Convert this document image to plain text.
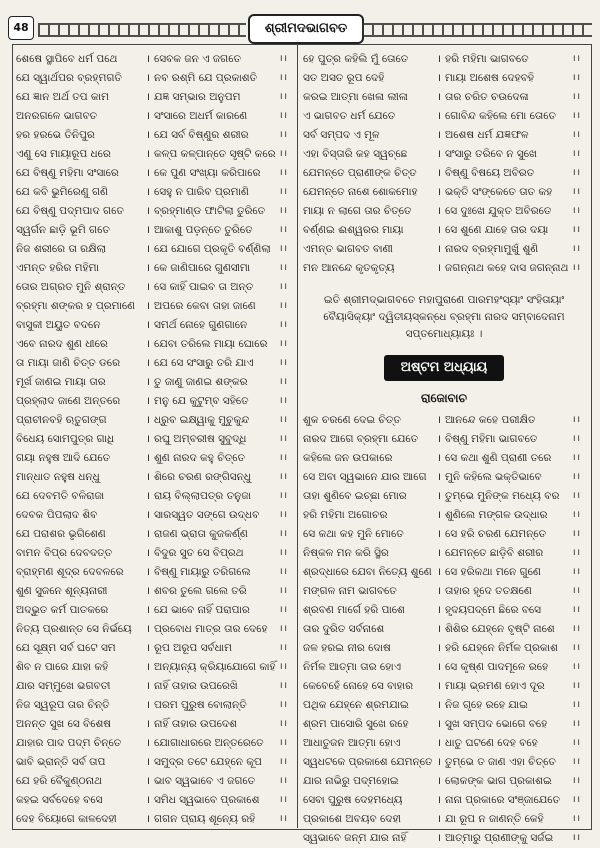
48	ଶ୍ରୀମଦଭାଗବତ
ଶେଷେ ସ୍ଥାପିବେ ଧର୍ମ ପଥେ	। ସେବକ ଜନ ଏ ଜଗତେ	।।
ଯେ ସ୍ୱାର୍ଥପର ବ୍ରହ୍ମଗତି । ନବ ରଶ୍ମି ଯେ ପ୍ରକାଶତି ।।
ଯେ ଜ୍ଞାନ ଅର୍ଥ ତପ କାମ	। ଯଜ୍ଞ ସମ୍ଭାର ଅନୁପମ	।।
ଅନରଗଳେ ଭାଗବତ	। ସଂସାରେ ଅଧର୍ମ କାରଣେ	।।
ହର ହରଭେ ତିନିପୁର	। ଯେ ସର୍ବ ବିଷ୍ଣୁର ଶରୀର	।।
ଏଣୁ ସେ ମାୟାରୂପ ଧରେ	। କଳ୍ପ କଳ୍ପାନ୍ତେ ସୃଷ୍ଟି କରେ ।।
ଯେ ବିଷ୍ଣୁ ମହିମା ସଂସାରେ	। କେ ପୁଣ ସଂଖ୍ୟା କରିପାରେ ।।
ଯେ କବି ଭୁମିରେଣୁ ଗଣି	। ସେହୁ ନ ପାରିବ ପ୍ରମାଣି	।।
ଯେ ବିଷ୍ଣୁ ପଦ୍ମପାଦ ଗତେ । ବ୍ରହ୍ମାଣ୍ଡ ଫାଟିଲା ତୁରିତେ ।।
ସ୍ୱର୍ଗନ ଛାଡ଼ି ଭୂମି ଗତେ	। ଆକାଶୁ ପଡ଼ନ୍ତେ ତୁରିତେ	।।
ନିଜ ଶରୀରେ ତା ରକ୍ଷିଲା	। ଯେ ଯୋଗେ ପ୍ରକୃତି ବର୍ଣ୍ଣିଲା ।।
ଏମନ୍ତ ହରିର ମହିମା	। କେ ଜାଣିପାରେ ଗୁଣସୀମା	।।
ତୋର ଅଗ୍ରତ ମୁନି ଶ୍ରାନ୍ତ । ସେ କାହିଁ ପାଇବ ତା ଅନ୍ତ	।।
ବ୍ରହ୍ମା ଶଙ୍କର ହ ପ୍ରମାଣେ । ଅପରେ କେବା ତାହା ଜାଣେ	।।
ବାସୁକୀ ଅୟୁତ ବଦନେ	। ସମର୍ଥ ନୋହେ ଗୁଣଗାନେ	।।
ଏବେ ନାରଦ ଶୁଣ ଧୀରେ	। ଯେବା ତରିଲେ ମାୟା ଘୋରେ ।।
ତା ମାୟା ଜାଣି ଚିତ୍ତ ଡରେ । ଯେ ସେ ସଂସାରୁ ତରି ଯାଏ	।।
ମୂର୍ଖ ଜାଣଇ ମାୟା ତାର	। ତୁ ଜାଣୁ ଜାଣଇ ଶଙ୍କର	।।
ପ୍ରହ୍ଲାଦ ଜାଣେ ଅନ୍ତରେ । ମନୁ ଯେ କୁଟୁମ୍ବ ସହିତେ	।।
ପ୍ରାଚୀନବହି ଋତୁଗଙ୍ଗ	। ଧ୍ରୁବ ଇକ୍ଷ୍ୱାକୁ ମୁଚୁକୁନ୍ଦ	।।
ବିଧେୟ ସୋମପୁତ୍ର ଗାଧି	। ରଘୁ ଅମ୍ବରୀଷ ସୁବୁଦ୍ଧି	।।
ଗୟା ନହୁଷ ଆଦି ଯେତେ	। ଶୁଣ ନାରଦ କହୁ ଚିତ୍ତେ	।।
ମାନ୍ଧାତ ନହୁଷ ଧନ୍ଧୁ	। ଶିରେ ଚରଣ ରଙ୍ଗିସନ୍ଧୁ	।।
ଯେ ଦେବମତି ବଳିରାଜା	। ରାୟ ବିଲ୍ଲାପତ୍ର ତନୁଜା	।।
ଦେବକ ପିପଲାଦ ଶିବ	। ସାରସ୍ୱତ ସଙ୍ଗେ ଉଦ୍ଧବ ।।
ଯେ ପରାଶର ଭୃଗିଶେଣ	। ରାଜଣ ଭ୍ରାତା କୁଜକର୍ଣ୍ଣ	।।
ବାମନ ବିପ୍ର ଦେବଦତ୍ତ	। ବିଦୁର ସୁତ ସେ ବିପ୍ରଥ	।।
ବ୍ରାହ୍ମଣ ଶୂଦ୍ର ଦେବଳରେ । ବିଷ୍ଣୁ ମାୟାରୁ ତରିଗଲେ	।।
ଶୁଣ ସୁଜନେ ଶୂନ୍ୟନାରୀ	। ଶବର ତୁଲେ ଗଲେ ତରି	।।
ଅଦ୍ଭୁତ କର୍ମ ପାତକରେ	। ଯେ ଭାବେ ନାହିଁ ପରାପାର	।।
ନିତ୍ୟ ପ୍ରଶାନ୍ତ ସେ ନିର୍ଭୟେ । ପ୍ରବୋଧ ମାତ୍ର ତାର ଦେହେ ।।
ଯେ ସୂକ୍ଷ୍ମ ସର୍ବ ଘଟେ ସମ	। ରୂପ ଅରୂପ ସର୍ବଧାମ	।।
ଶିବ ନ ପାରେ ଯାହା କହି	। ଅନ୍ୟାନ୍ୟ କ୍ରିୟାଯୋଗେ କାହିଁ ।।
ଯାର ସମ୍ମୁଖେ ଭଗବତୀ	। ନାହିଁ ତାହାର ଉପରେଖି	।।
ନିଜ ସ୍ୱରୂପ ତାର ଚିନ୍ତି	। ପରମ ପୁରୁଷ ବୋଲାନ୍ତି	।।
ଅନନ୍ତ ସୁଖ ସେ ବିଶେଷ	। ନାହିଁ ତାହାର ଉପଦେଶ	।।
ଯାହାର ପାଦ ପଦ୍ମ ଚିନ୍ତେ । ଯୋଗାଧାରରେ ଅନ୍ତରେତେ ।।
ଭାବି ଭ୍ରାନ୍ତି ସର୍ବ ତାପ	। ସମୁଦ୍ର ତଟେ ଯେହ୍ନେ କୂପ ।।
ଯେ ହରି ବୈକୁଣ୍ଠନାଥ	। ଭାବ ସ୍ୱଭାବେ ଏ ଜଗତେ	।।
କହଇ ସର୍ବଦେହେ ବସେ	। ସମିଧ ସ୍ୱଭାବେ ପ୍ରକାଶେ ।।
ଦେହ ବିୟୋଗେ କାଳଦେହୀ	। ଗଗନ ପ୍ରାୟ ଶୂନ୍ୟେ ରହି	।।
ହେ ପୁତ୍ର କହିଲି ମୁଁ ତୋତେ	। ହରି ମହିମା ଭାଗବତେ	।।
ସତ ଅସତ ରୂପ ଦେହି	। ମାୟା ଅଶେଷ ଦେହବହି	।।
କରଇ ଆତ୍ମା ଖେଳା ଲୀଳା	। ତାର ଚରିତ ଚଉଦେଳା	।।
ଏ ଭାଗବତ ଧର୍ମ ଯେତେ	। ଗୋବିନ୍ଦ କହିଲେ ମୋ ତୋତେ ।।
ସର୍ବ ସମ୍ପଦ ଏ ମୂଳ	। ଅଶେଷ ଧର୍ମ ଯଜ୍ଞଫଳ	।।
ଏହା ବିସ୍ତାରି କହ ସ୍ୱଚ୍ଛେ	। ସଂସାରୁ ତରିବେ ନ ସୁଖେ	।।
ଯେମନ୍ତେ ପ୍ରାଣୀଙ୍କ ଚିତ୍ତ । ବିଷ୍ଣୁ ବିଷୟେ ଅବିରତ	।।
ଯେମନ୍ତେ ନାଶେ ଶୋକମୋହ । ଭକ୍ତି ସଂଙ୍କେତେ ତାତ କହ ।।
ମାୟା ନ ଲାଗେ ତାର ଚିତ୍ତେ । ସେ ଦୁଃଖେ ଯୁକ୍ତ ଅବିରତେ ।।
ବର୍ଣ୍ଣଇ ଈଶ୍ୱରର ମାୟା	। ସେ ଶୁଣେ ଯାହେ ତାର ଦୟା	।।
ଏମନ୍ତ ଭାଗବତ ବାଣୀ	। ନାରଦ ବ୍ରହ୍ମାମୁଖୁଁ ଶୁଣି	।।
ମନ ଆନନ୍ଦେ କୃତକୃତ୍ୟ	। ଜଗନ୍ନାଥ କହେ ଦାସ ଜଗନ୍ନାଥ ।।
ଇତି ଶ୍ରୀମଦ୍ଭାଗବତେ ମହାପୁରାଣେ ପାରମହଂସ୍ୟାଂ ସଂହିତାୟାଂ ବୈୟାସିକ୍ୟାଂ ଦ୍ୱିତୀୟସ୍କନ୍ଧେ ବ୍ରହ୍ମା ନାରଦ ସମ୍ବାଦେନାମ ସପ୍ତମୋଧ୍ୟାୟଃ ।
ଅଷ୍ଟମ ଅଧ୍ୟାୟ
ରାଜୋବାଚ
ଶୁକ ଚରଣେ ଦେଇ ଚିତ୍ତ	। ଆନନ୍ଦେ କହେ ପରୀକ୍ଷିତ	।।
ନାରଦ ଆଗେ ବ୍ରହ୍ମା ଯେତେ । ବିଷ୍ଣୁ ମହିମା ଭାଗବତେ	।।
କହିଲେ ଜନ ଉପକାରେ	। ସେ କଥା ଶୁଣି ପ୍ରାଣୀ ତରେ ।।
ସେ ଅବା ସ୍ୱଭାନେ ଯାର ଆଗେ । ମୁନି କହିଲେ ଭକ୍ତିଭାବେ	।।
ତାହା ଶୁଣିବେ ଇଚ୍ଛା ମୋର	। ତୁମ୍ଭେ ମୁନିଙ୍କ ମଧ୍ୟେ ବର ।।
ହରି ମହିମା ଅଗୋଚର	। ଶୁଣିଲେ ମଙ୍ଗଳ ଉଦ୍ଧାର	।।
ସେ କଥା କହ ମୁନି ମୋତେ	। ସେ ହରି ଚରଣ ଯେମନ୍ତେ	।।
ନିଷ୍କଳ ମନ କରି ସ୍ଥିର	। ଯେମନ୍ତେ ଛାଡ଼ିବି ଶରୀର	।।
ଶ୍ରଦ୍ଧାରେ ଯେବା ନିତ୍ୟେ ଶୁଣେ । ସେ ହରିକଥା ମନେ ଗୁଣେ	।।
ମଙ୍ଗଳ ନାମ ଭାଗବତେ	। ତାହାର ହୃଦେ ତତକ୍ଷଣେ	।।
ଶ୍ରବଣ ମାର୍ଗେ ହରି ପାଶେ	। ହୃଦୟପଦ୍ମେ ଛିରେ ବସେ	।।
ତାର ଦୁରିତ ସର୍ବନାଶେ	। ଶିଶିର ଯେହ୍ନେ ବୃଷ୍ଟି ନାଶେ ।।
ଜଳ ହରଇ ନୀର ଦୋଷ	। ହରି ଯେହ୍ନେ ନିର୍ମଳ ପ୍ରକାଶ ।।
ନିର୍ମଳ ଆତ୍ମା ତାର ହୋଏ	। ସେ କୃଷ୍ଣ ପାଦମୂଳେ ରହେ	।।
କେବେହେଁ ନୋହେ ସେ ବାହାର । ମାୟା ଭ୍ରମଣ ହୋଏ ଦୂର	।।
ପଥିକ ଯେହ୍ନେ ଶ୍ରମଯାଇ	। ନିଜ ଗୃହେ ରହେ ଯାଇ	।।
ଶ୍ରମ ପାସୋରି ସୁଖେ ରହେ	। ସୁଖ ସମ୍ପଦ ଭୋଗେ ବହେ	।।
ଆଧାତୁଜନ ଆତ୍ମା ହୋଏ	। ଧାତୁ ଘଟଣେ ଦେହ ବହେ	।।
ସ୍ୱଧଟକେ ପ୍ରକାଶେ ଯେମନ୍ତେ । ତୁମ୍ଭେ ତ ଜାଣ ଏହା ଚିତ୍ତେ ।।
ଯାର ନାଭିରୁ ପଦ୍ମହୋଇ	। ଲୋକଙ୍କ ଭାଗ ପ୍ରକାଶଇ ।।
ସେବା ପୁରୁଷ ଦେହମଧ୍ୟେ	। ନାନା ପ୍ରକାରେ ସଂଞ୍ଜାଯେତେ ।।
ପ୍ରକାଶେ ଅବୟବ ଦେହୀ	। ଯା ରୂପ ନ ଜାଣନ୍ତି କେହି	।।
ସ୍ୱଭାବେ ଜନ୍ମ ଯାର ନାହିଁ	। ଆତ୍ମାରୁ ପ୍ରାଣୀଙ୍କୁ ସର୍ଜଇ ।।
